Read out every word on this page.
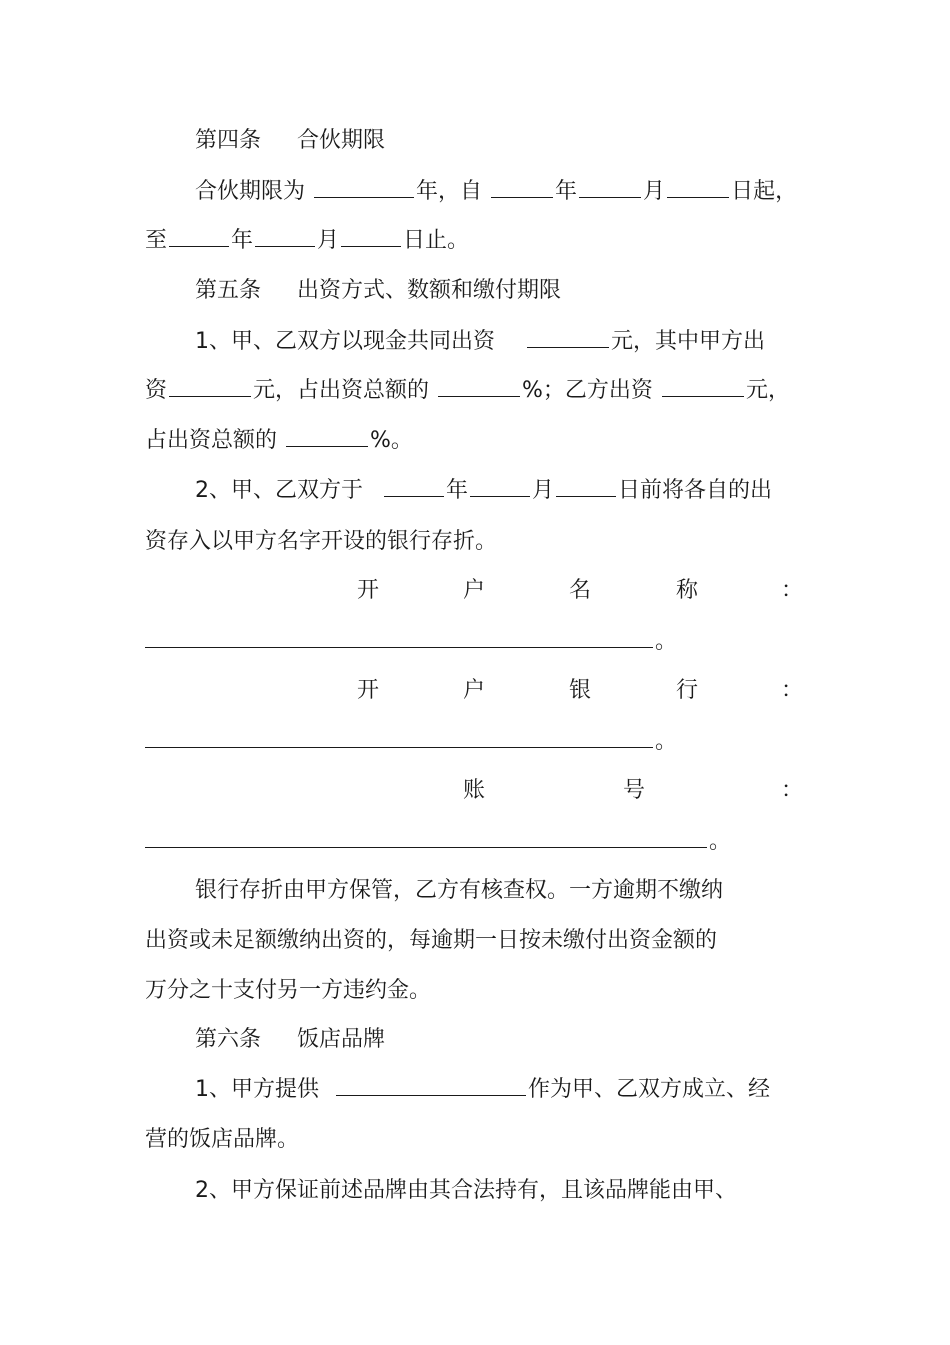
第四条 合伙期限
合伙期限为	年，自	年	月	日起，
至	年	月	日止。
第五条 出资方式、数额和缴付期限
1、甲、乙双方以现金共同出资	元，其中甲方出
资	元，占出资总额的	%；乙方出资	元，
占出资总额的	%。
2、甲、乙双方于	年	月	日前将各自的出
资存入以甲方名字开设的银行存折。
开	户	名	称	：
。
开	户	银	行	：
。
账	号	：
。
银行存折由甲方保管，乙方有核查权。一方逾期不缴纳
出资或未足额缴纳出资的，每逾期一日按未缴付出资金额的
万分之十支付另一方违约金。
第六条 饭店品牌
1、甲方提供	作为甲、乙双方成立、经
营的饭店品牌。
2、甲方保证前述品牌由其合法持有，且该品牌能由甲、
